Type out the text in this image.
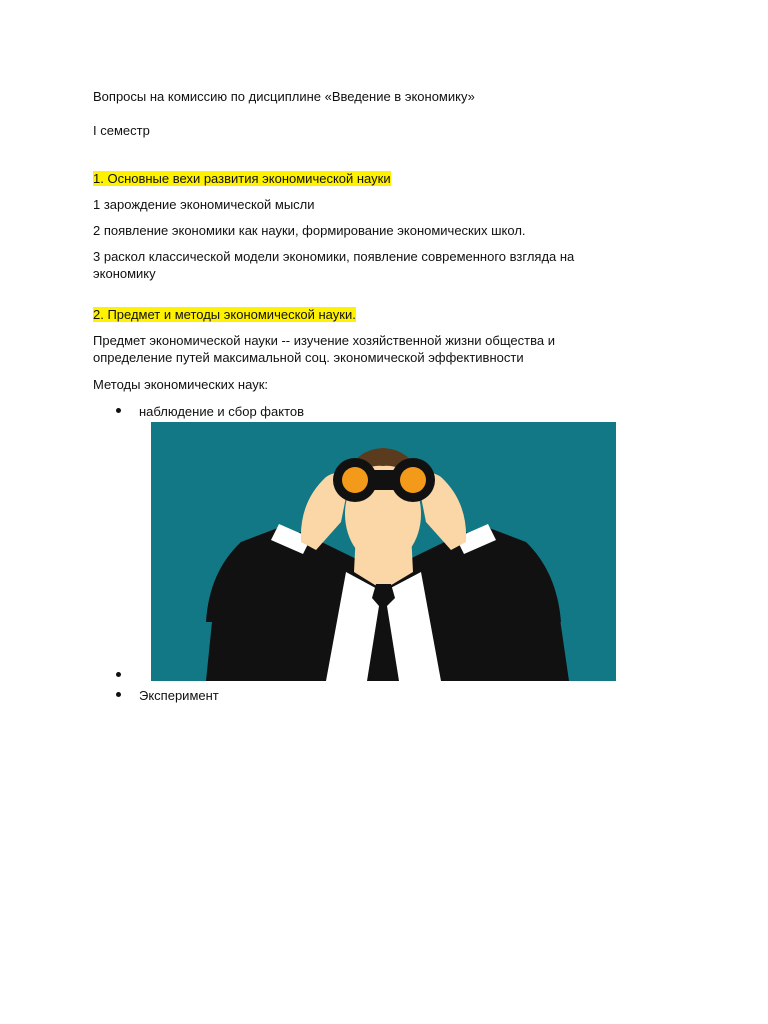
Вопросы на комиссию по дисциплине «Введение в экономику»

I семестр

1. Основные вехи развития экономической науки

1 зарождение экономической мысли

2 появление экономики как науки, формирование экономических школ.

3 раскол классической модели экономики, появление современного взгляда на экономику

2. Предмет и методы экономической науки.

Предмет экономической науки -- изучение хозяйственной жизни общества и определение путей максимальной соц. экономической эффективности

Методы экономических наук:

наблюдение и сбор фактов

Эксперимент
